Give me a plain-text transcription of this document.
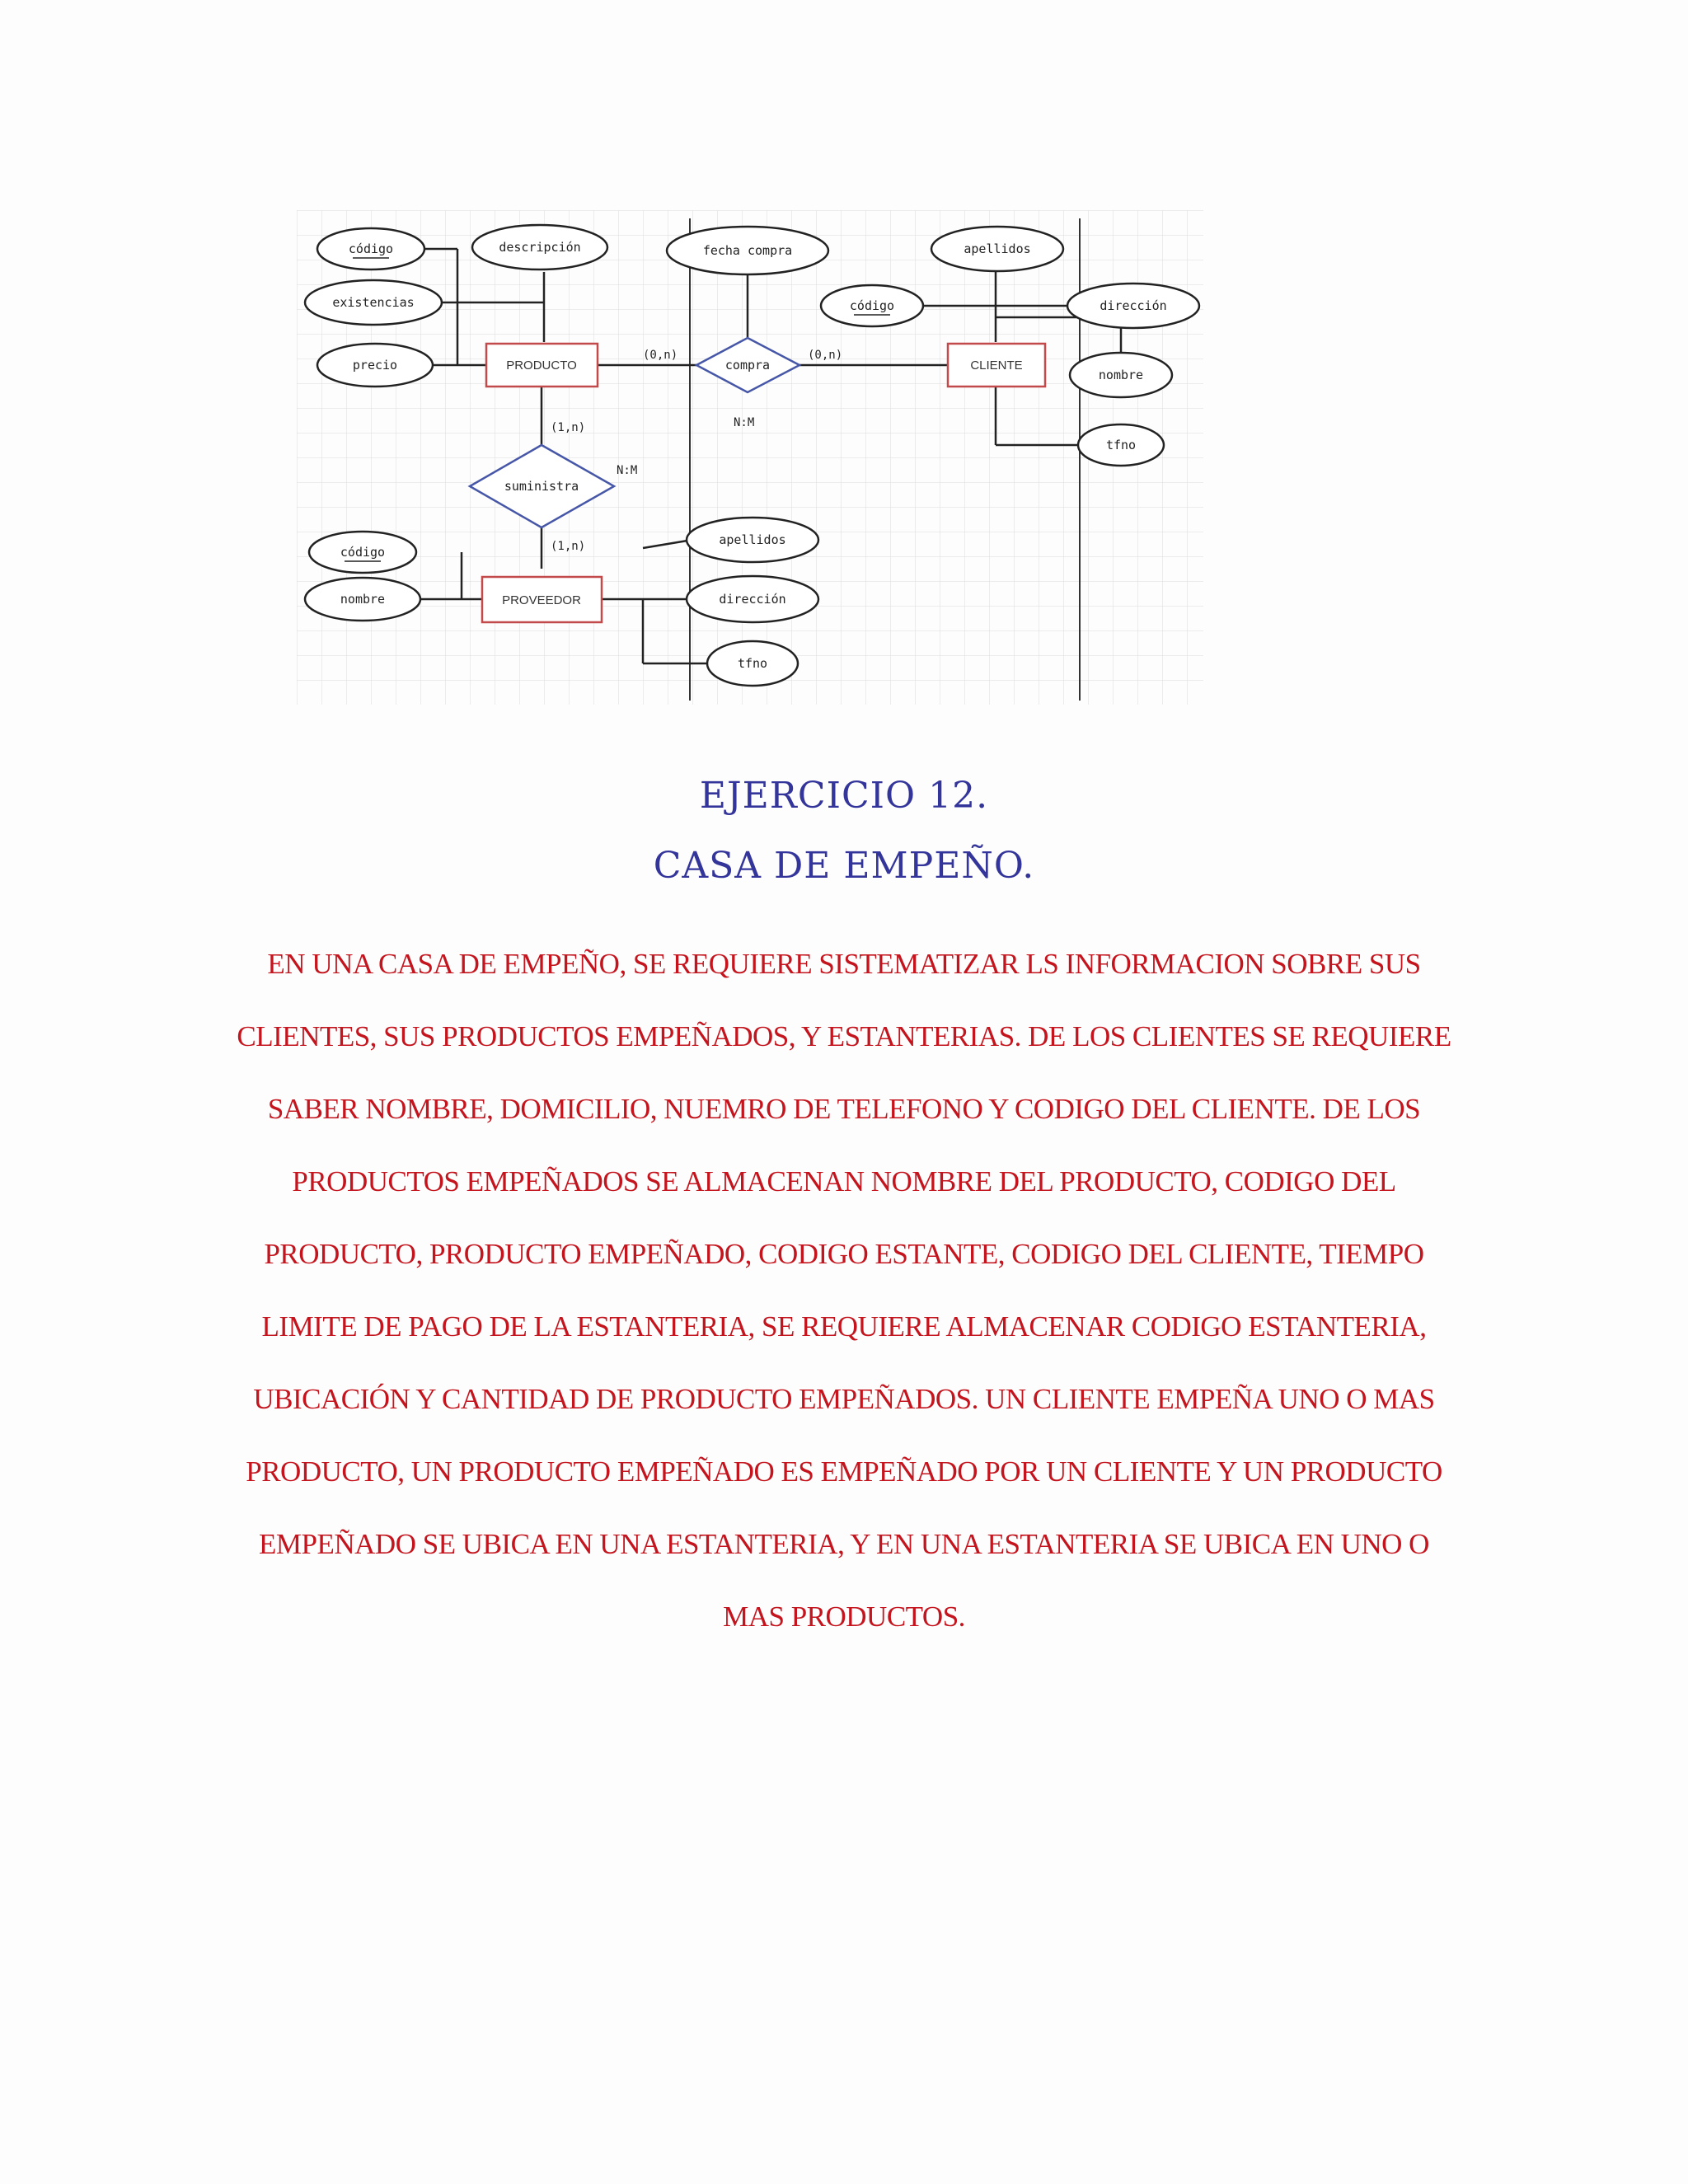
código	descripción
existencias
precio
fecha compra	apellidos
código	dirección
nombre
tfno
código
nombre
apellidos
dirección
tfno
PRODUCTO	CLIENTE
PROVEEDOR
compra
suministra
(0,n)	(0,n)
(1,n)
(1,n)
N:M
N:M
EJERCICIO 12.
CASA DE EMPEÑO.
EN UNA CASA DE EMPEÑO, SE REQUIERE SISTEMATIZAR LS INFORMACION SOBRE SUS
CLIENTES, SUS PRODUCTOS EMPEÑADOS, Y ESTANTERIAS. DE LOS CLIENTES SE REQUIERE
SABER NOMBRE, DOMICILIO, NUEMRO DE TELEFONO Y CODIGO DEL CLIENTE. DE LOS
PRODUCTOS EMPEÑADOS SE ALMACENAN NOMBRE DEL PRODUCTO, CODIGO DEL
PRODUCTO, PRODUCTO EMPEÑADO, CODIGO ESTANTE, CODIGO DEL CLIENTE, TIEMPO
LIMITE DE PAGO DE LA ESTANTERIA, SE REQUIERE ALMACENAR CODIGO ESTANTERIA,
UBICACIÓN Y CANTIDAD DE PRODUCTO EMPEÑADOS. UN CLIENTE EMPEÑA UNO O MAS
PRODUCTO, UN PRODUCTO EMPEÑADO ES EMPEÑADO POR UN CLIENTE Y UN PRODUCTO
EMPEÑADO SE UBICA EN UNA ESTANTERIA, Y EN UNA ESTANTERIA SE UBICA EN UNO O
MAS PRODUCTOS.
